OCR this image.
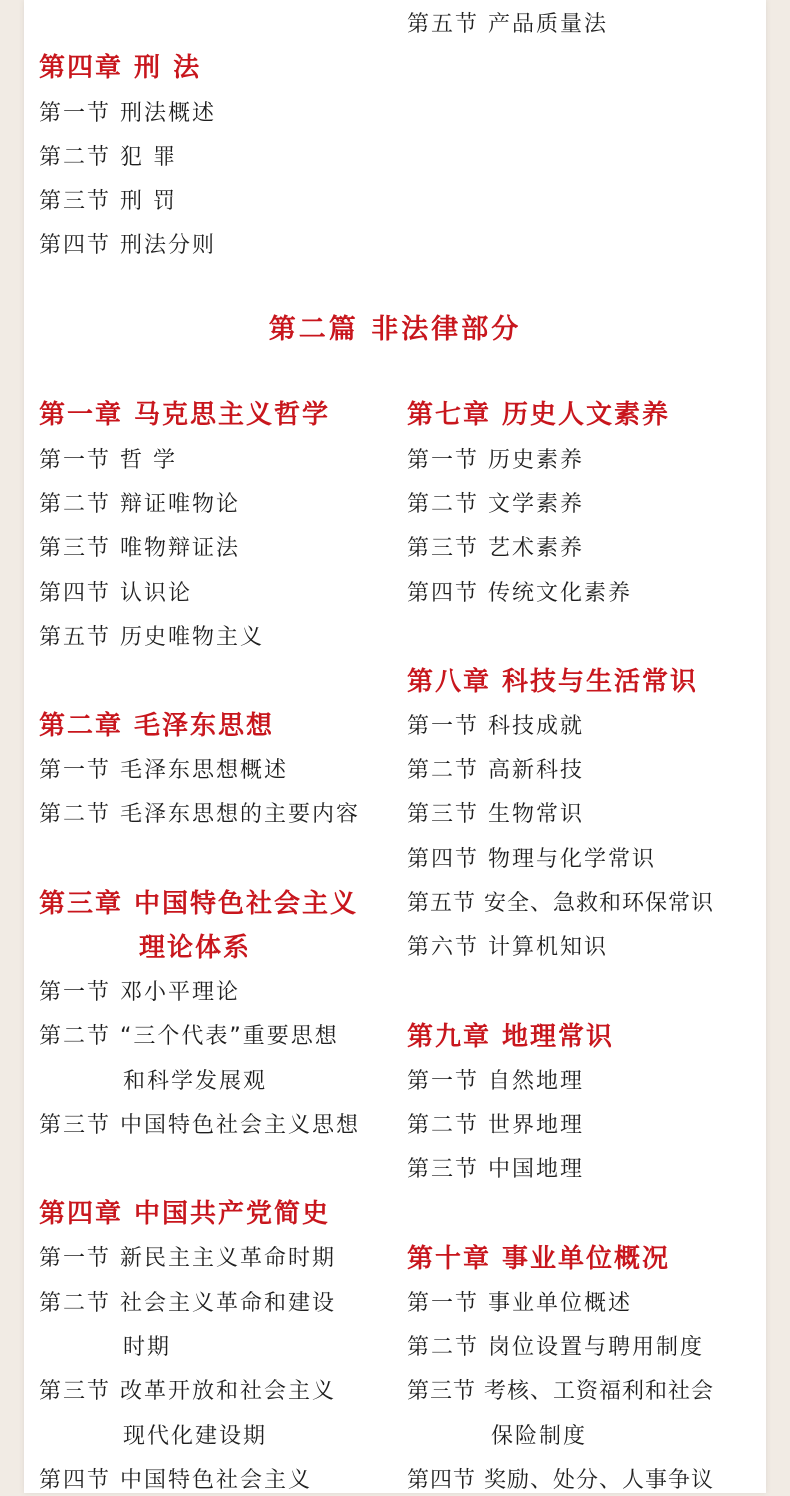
第五节 产品质量法
第四章 刑 法
第一节 刑法概述
第二节 犯 罪
第三节 刑 罚
第四节 刑法分则
第二篇 非法律部分
第一章 马克思主义哲学
第一节 哲 学
第二节 辩证唯物论
第三节 唯物辩证法
第四节 认识论
第五节 历史唯物主义
第二章 毛泽东思想
第一节 毛泽东思想概述
第二节 毛泽东思想的主要内容
第三章 中国特色社会主义
理论体系
第一节 邓小平理论
第二节 “三个代表”重要思想
和科学发展观
第三节 中国特色社会主义思想
第四章 中国共产党简史
第一节 新民主主义革命时期
第二节 社会主义革命和建设
时期
第三节 改革开放和社会主义
现代化建设期
第四节 中国特色社会主义
第七章 历史人文素养
第一节 历史素养
第二节 文学素养
第三节 艺术素养
第四节 传统文化素养
第八章 科技与生活常识
第一节 科技成就
第二节 高新科技
第三节 生物常识
第四节 物理与化学常识
第五节 安全、急救和环保常识
第六节 计算机知识
第九章 地理常识
第一节 自然地理
第二节 世界地理
第三节 中国地理
第十章 事业单位概况
第一节 事业单位概述
第二节 岗位设置与聘用制度
第三节 考核、工资福利和社会
保险制度
第四节 奖励、处分、人事争议
